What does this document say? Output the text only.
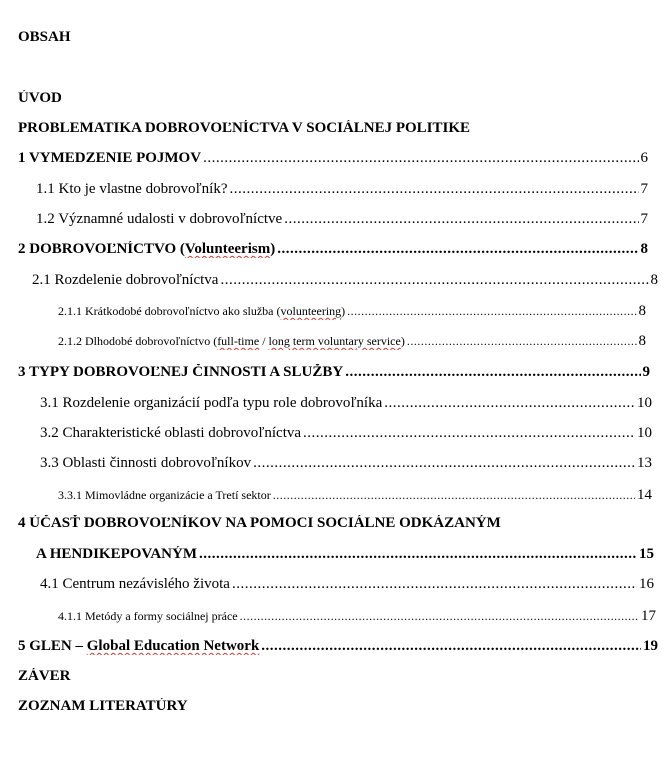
OBSAH
ÚVOD
PROBLEMATIKA DOBROVOĽNÍCTVA V SOCIÁLNEJ POLITIKE
1 VYMEDZENIE POJMOV .....	6
1.1 Kto je vlastne dobrovoľník? .....	7
1.2 Významné udalosti v dobrovoľníctve .....	7
2 DOBROVOĽNÍCTVO (Volunteerism) .....	8
2.1 Rozdelenie dobrovoľníctva .....	8
2.1.1 Krátkodobé dobrovoľníctvo ako služba (volunteering) .....	8
2.1.2 Dlhodobé dobrovoľníctvo (full-time / long term voluntary service) .....	8
3 TYPY DOBROVOĽNEJ ČINNOSTI A SLUŽBY .....	9
3.1 Rozdelenie organizácií podľa typu role dobrovoľníka .....	10
3.2 Charakteristické oblasti dobrovoľníctva .....	10
3.3 Oblasti činnosti dobrovoľníkov .....	13
3.3.1 Mimovládne organizácie a Tretí sektor .....	14
4 ÚČASŤ DOBROVOĽNÍKOV NA POMOCI SOCIÁLNE ODKÁZANÝM
A HENDIKEPOVANÝM .....	15
4.1 Centrum nezávislého života .....	16
4.1.1 Metódy a formy sociálnej práce .....	17
5 GLEN – Global Education Network .....	19
ZÁVER
ZOZNAM LITERATÚRY
